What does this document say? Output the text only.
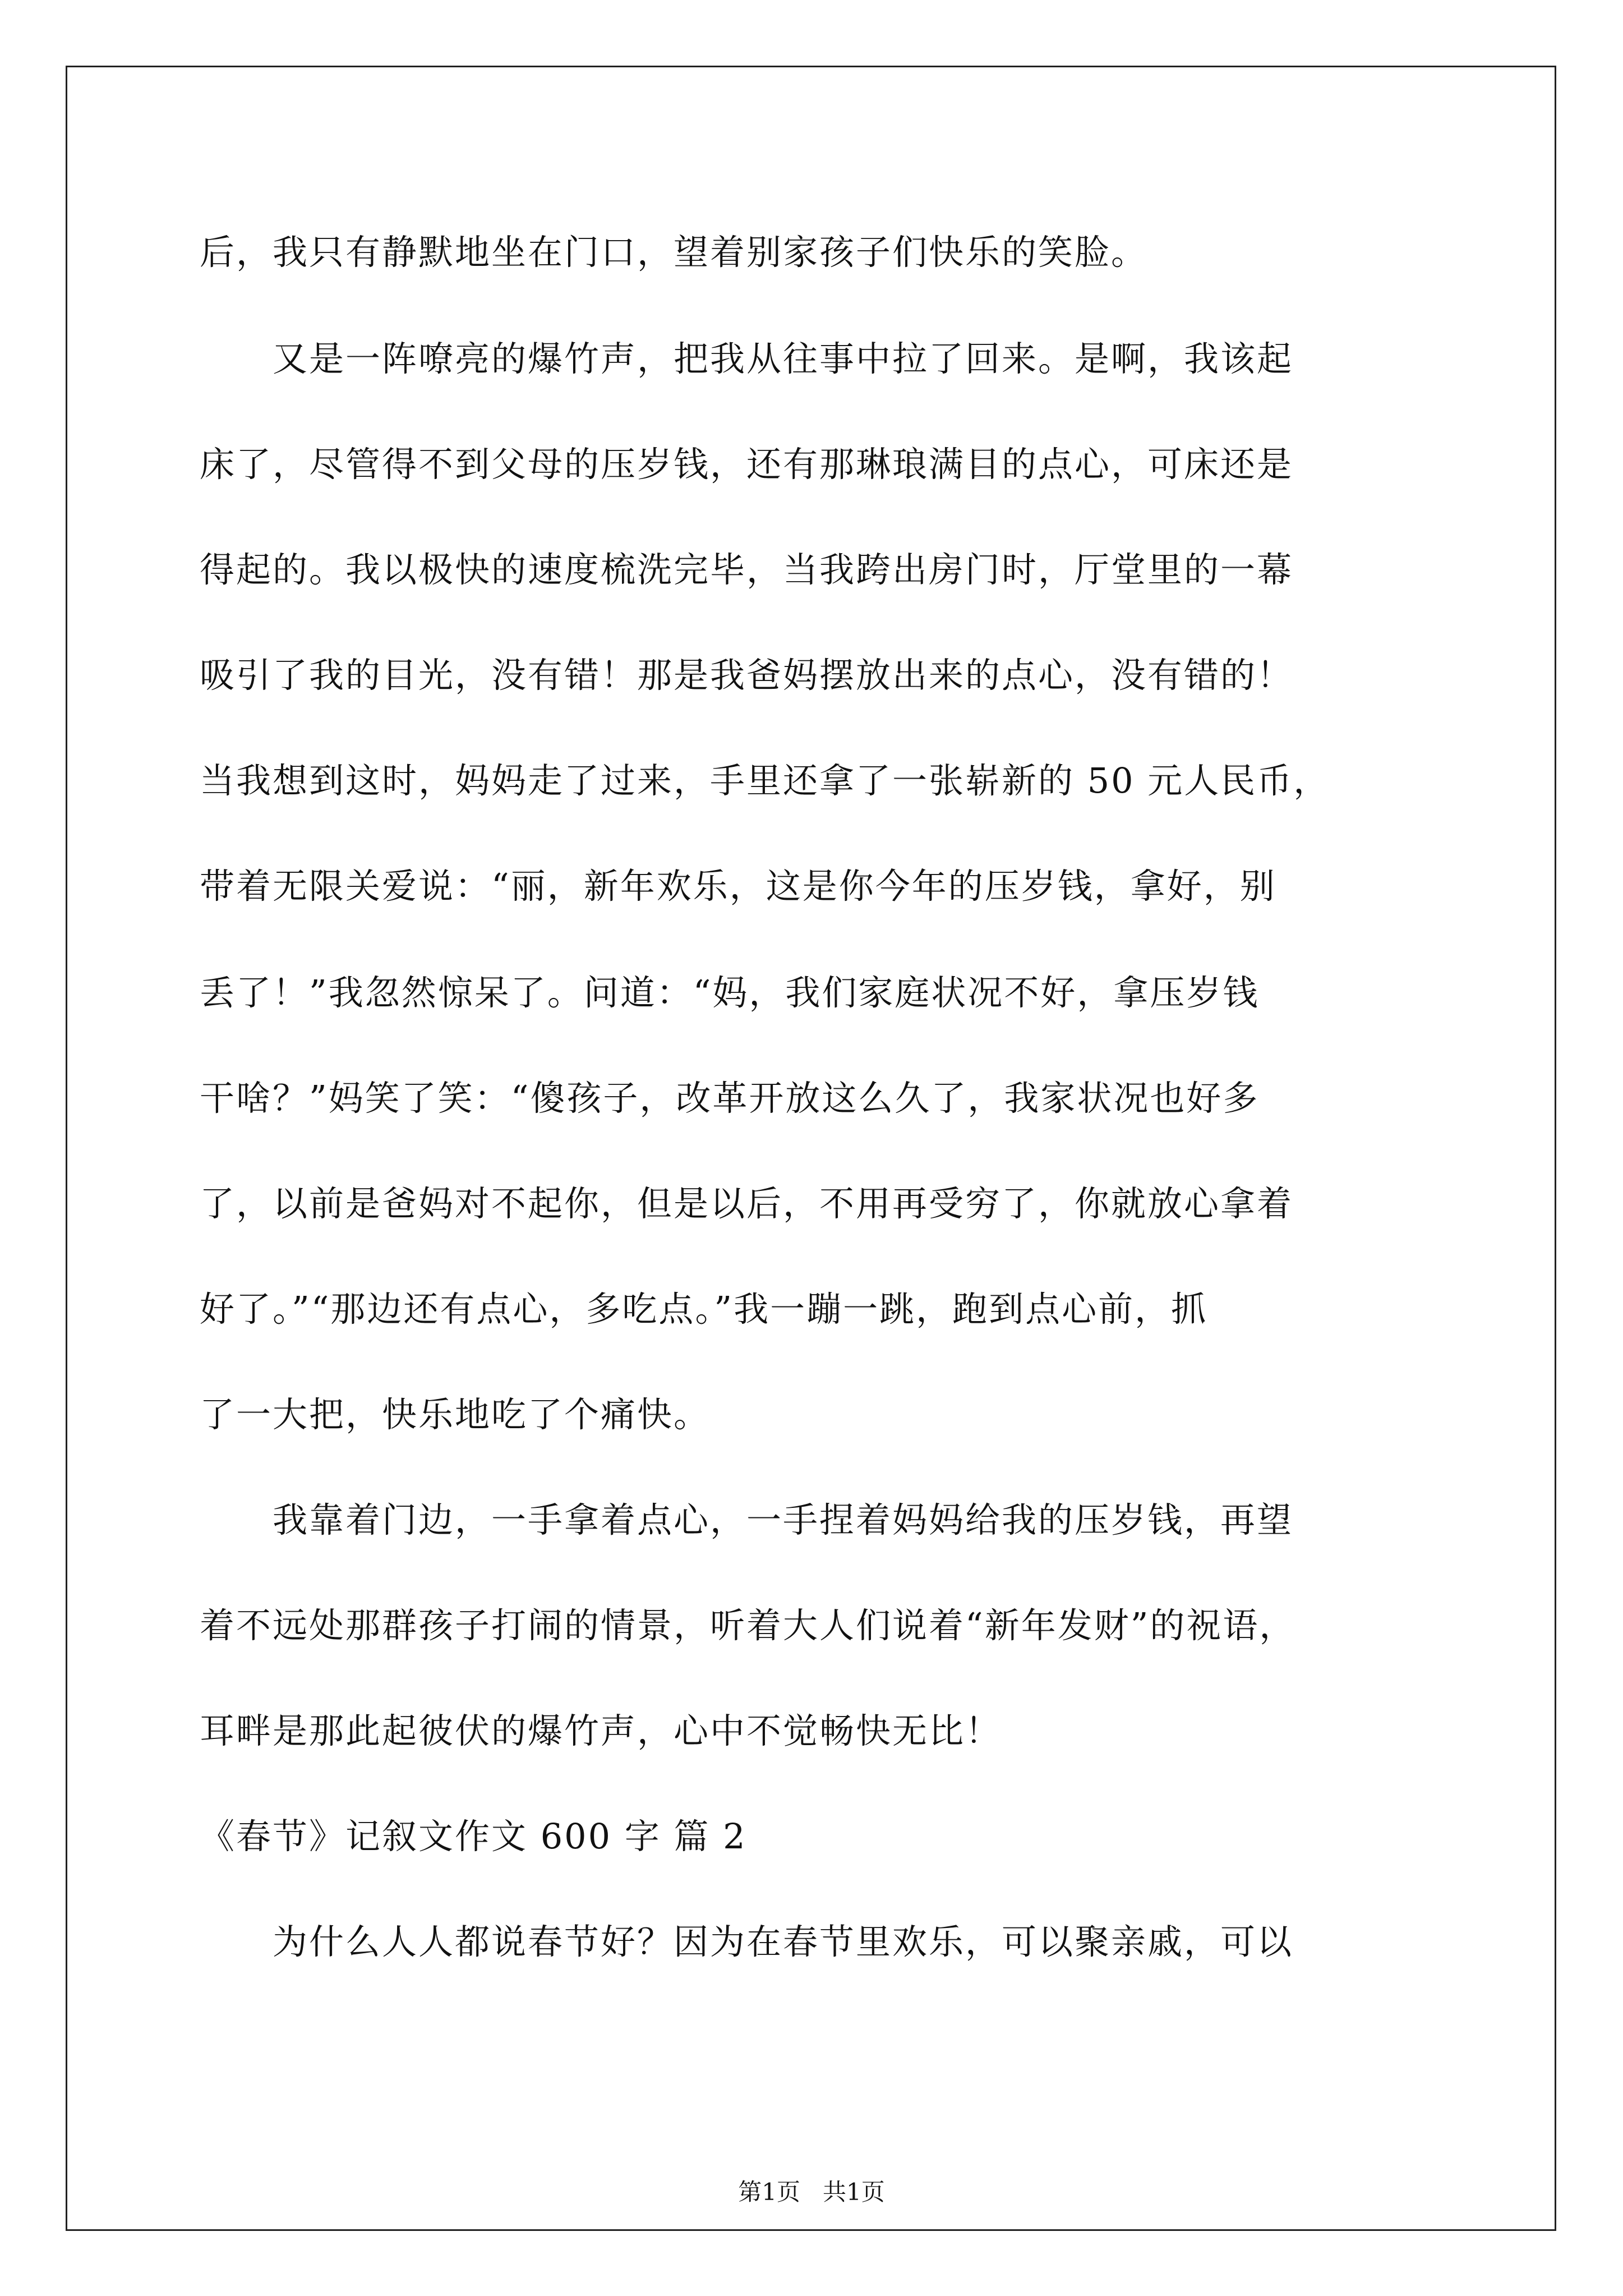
后，我只有静默地坐在门口，望着别家孩子们快乐的笑脸。
　　又是一阵嘹亮的爆竹声，把我从往事中拉了回来。是啊，我该起
床了，尽管得不到父母的压岁钱，还有那琳琅满目的点心，可床还是
得起的。我以极快的速度梳洗完毕，当我跨出房门时，厅堂里的一幕
吸引了我的目光，没有错！那是我爸妈摆放出来的点心，没有错的！
当我想到这时，妈妈走了过来，手里还拿了一张崭新的 50 元人民币，
带着无限关爱说：“丽，新年欢乐，这是你今年的压岁钱，拿好，别
丢了！”我忽然惊呆了。问道：“妈，我们家庭状况不好，拿压岁钱
干啥？”妈笑了笑：“傻孩子，改革开放这么久了，我家状况也好多
了，以前是爸妈对不起你，但是以后，不用再受穷了，你就放心拿着
好了。”“那边还有点心，多吃点。”我一蹦一跳，跑到点心前，抓
了一大把，快乐地吃了个痛快。
　　我靠着门边，一手拿着点心，一手捏着妈妈给我的压岁钱，再望
着不远处那群孩子打闹的情景，听着大人们说着“新年发财”的祝语，
耳畔是那此起彼伏的爆竹声，心中不觉畅快无比！
《春节》记叙文作文 600 字 篇 2
　　为什么人人都说春节好？因为在春节里欢乐，可以聚亲戚，可以
第1页   共1页
